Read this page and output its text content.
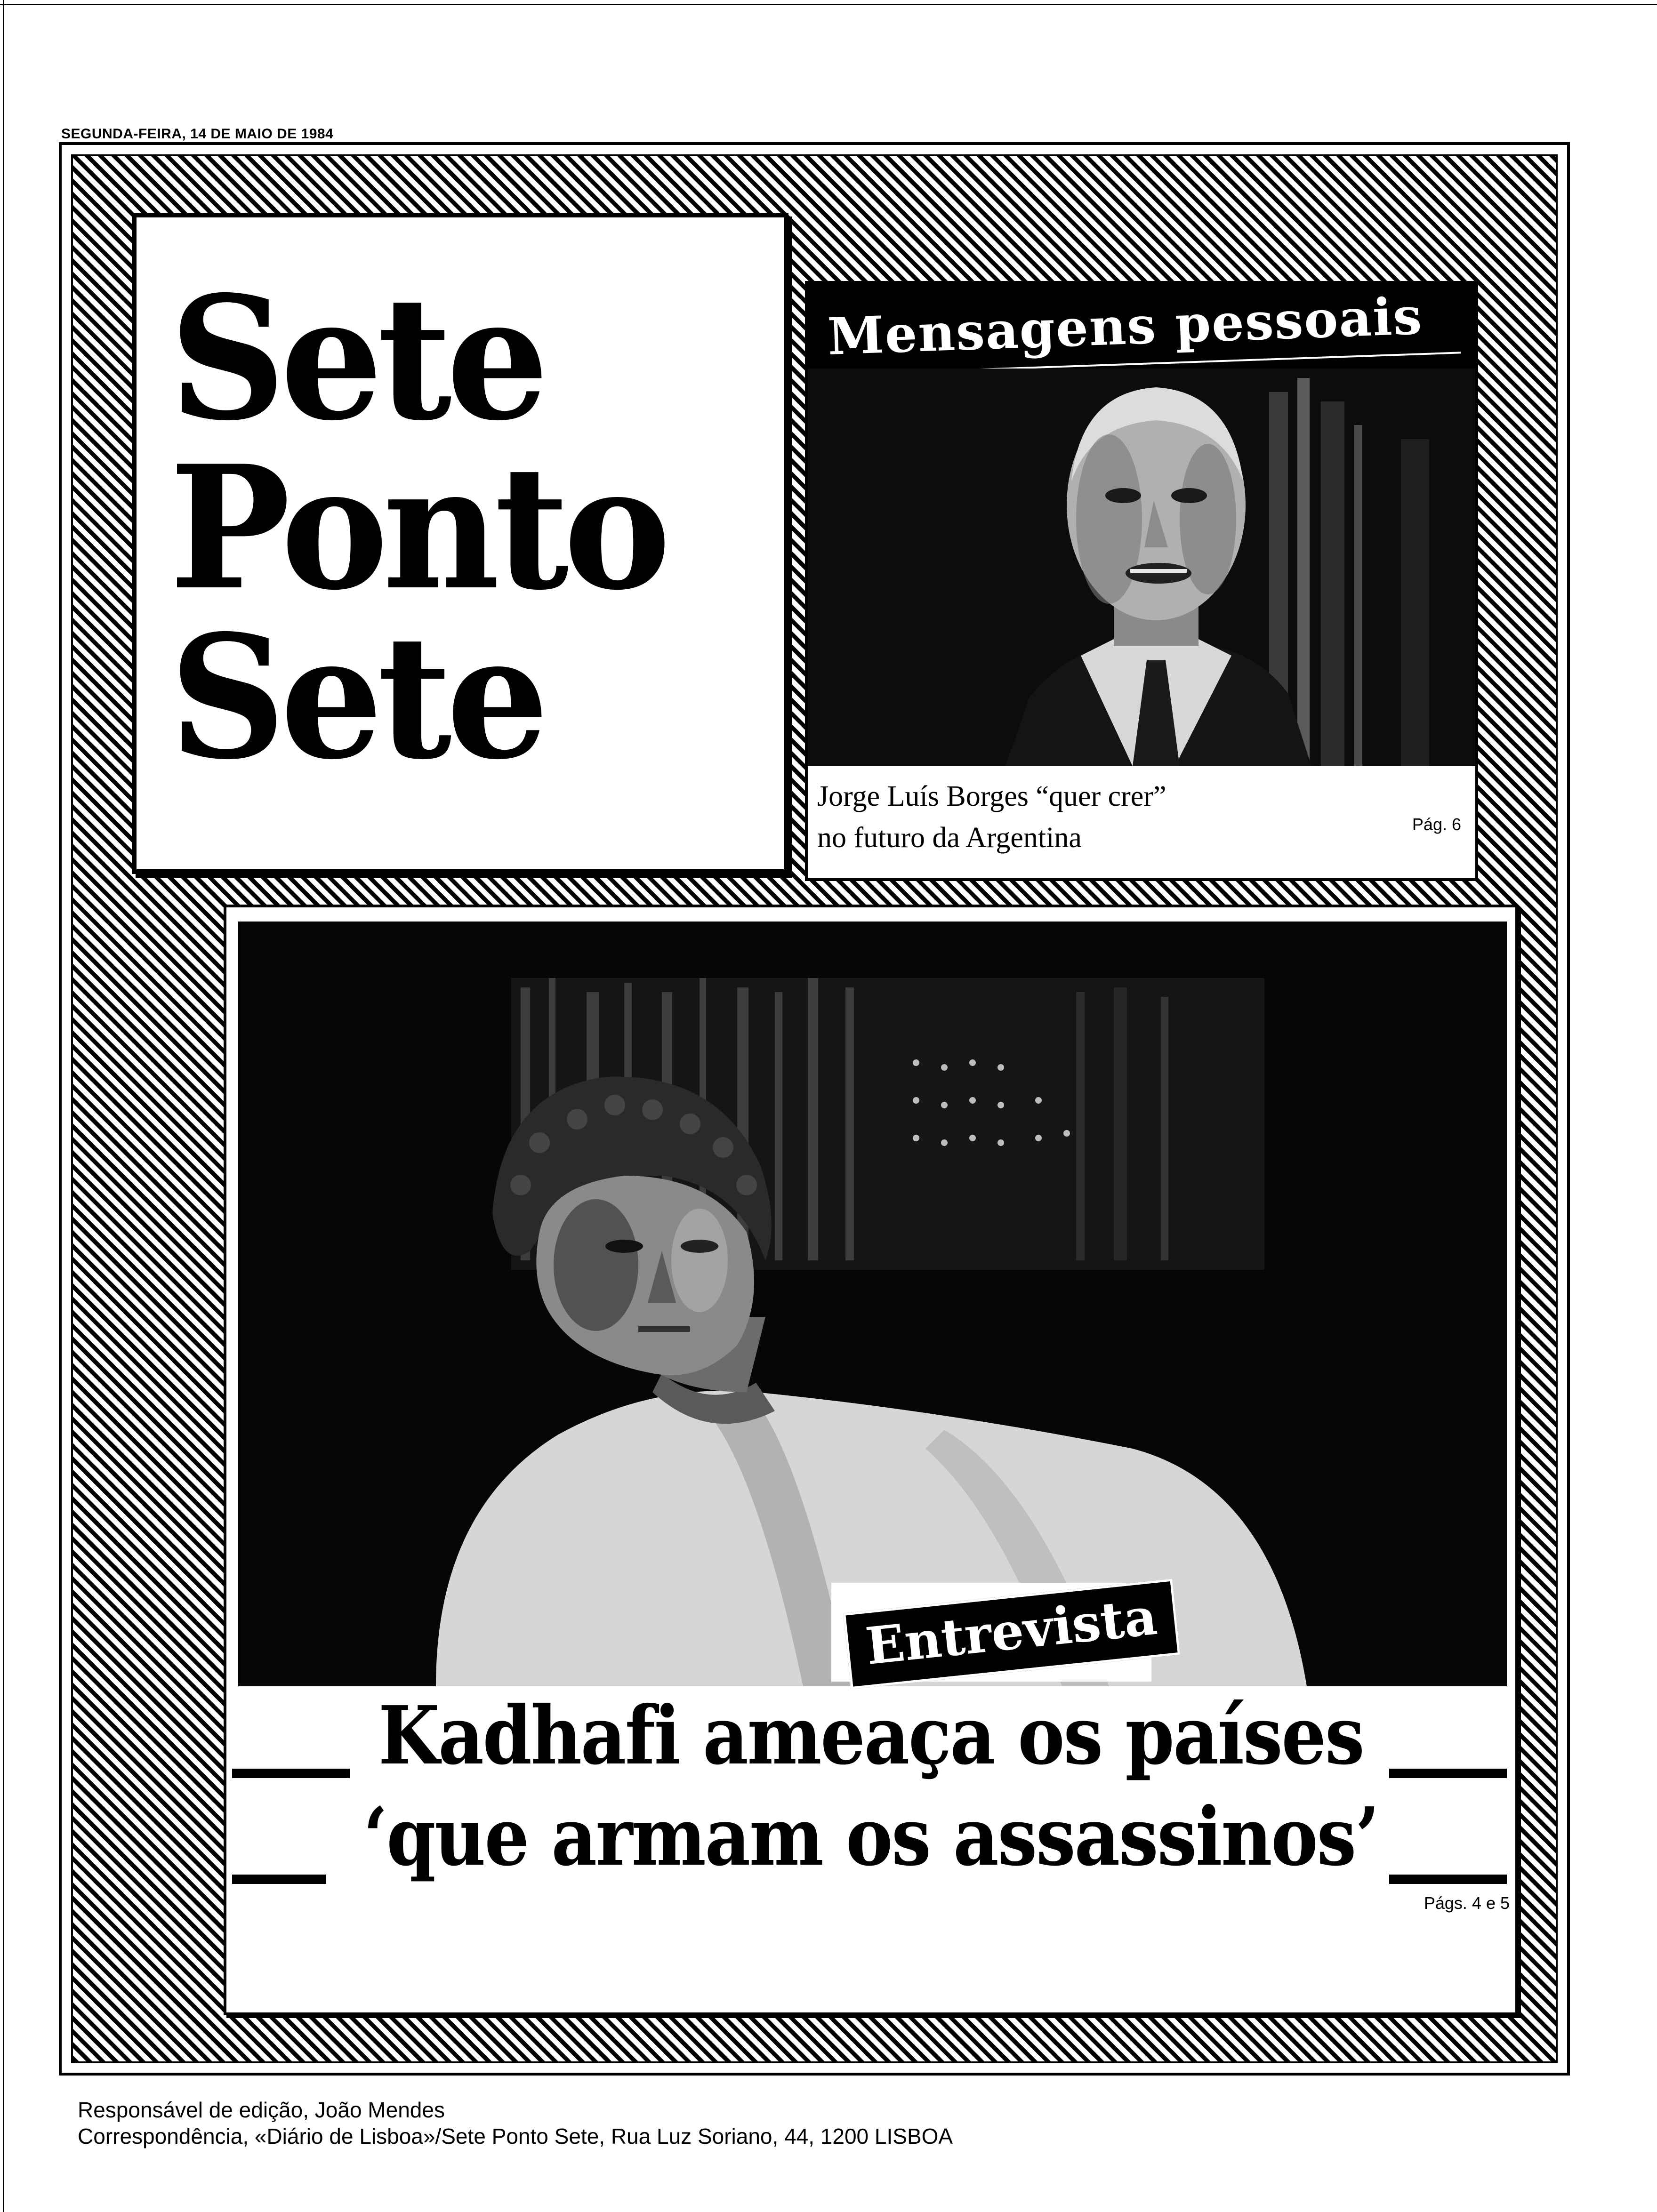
SEGUNDA-FEIRA, 14 DE MAIO DE 1984
Sete
Ponto
Sete
Mensagens pessoais
Jorge Luís Borges “quer crer”
no futuro da Argentina	Pág. 6
Entrevista
Kadhafi ameaça os países
‘que armam os assassinos’
Págs. 4 e 5
Responsável de edição, João Mendes
Correspondência, «Diário de Lisboa»/Sete Ponto Sete, Rua Luz Soriano, 44, 1200 LISBOA
